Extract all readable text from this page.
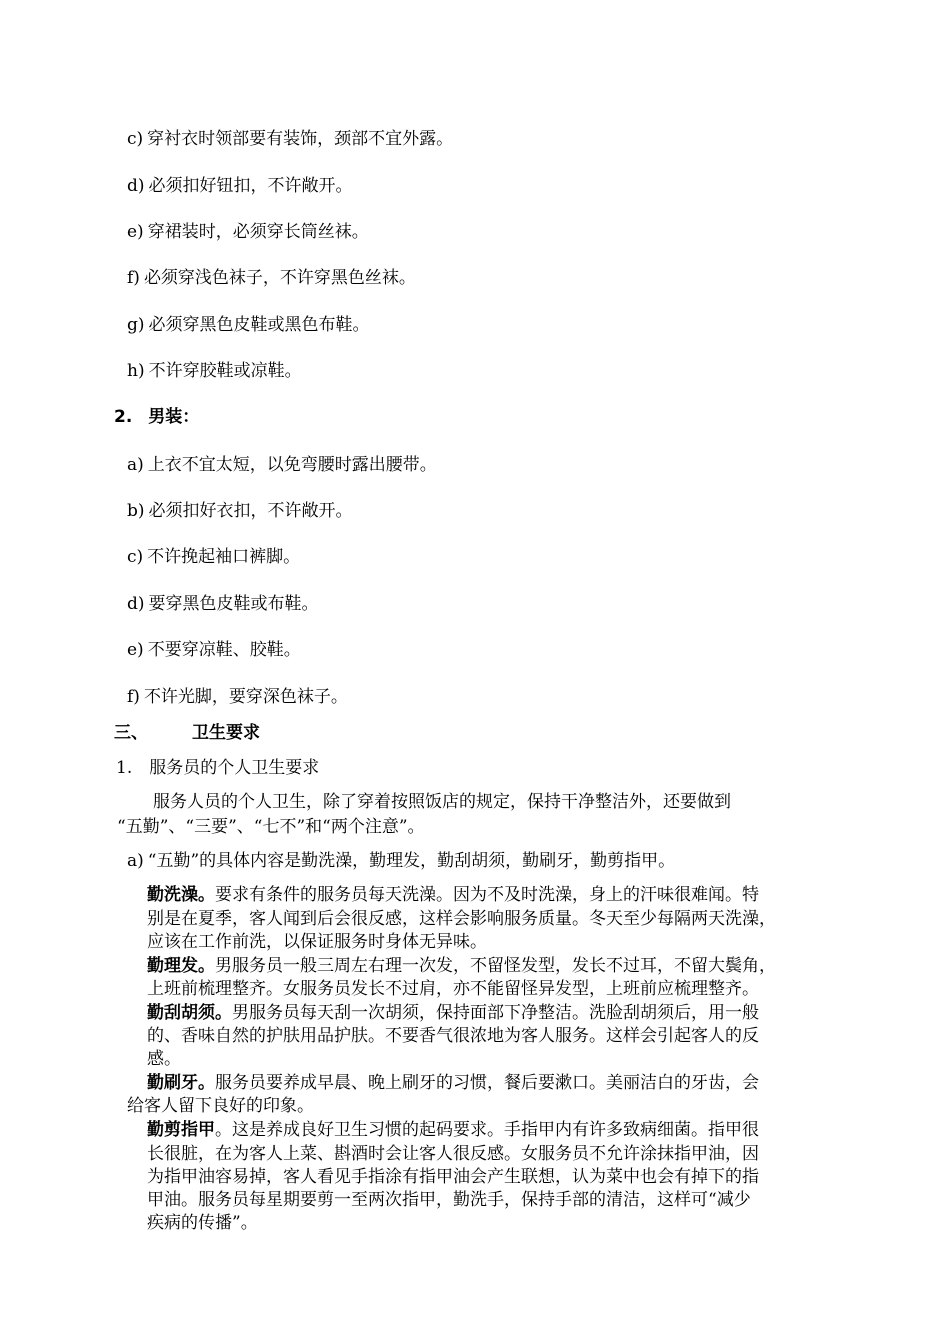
c) 穿衬衣时领部要有装饰，颈部不宜外露。
d) 必须扣好钮扣，不许敞开。
e) 穿裙装时，必须穿长筒丝袜。
f) 必须穿浅色袜子，不许穿黑色丝袜。
g) 必须穿黑色皮鞋或黑色布鞋。
h) 不许穿胶鞋或凉鞋。
2. 男装：
a) 上衣不宜太短，以免弯腰时露出腰带。
b) 必须扣好衣扣，不许敞开。
c) 不许挽起袖口裤脚。
d) 要穿黑色皮鞋或布鞋。
e) 不要穿凉鞋、胶鞋。
f) 不许光脚，要穿深色袜子。
三、	卫生要求
1. 服务员的个人卫生要求
服务人员的个人卫生，除了穿着按照饭店的规定，保持干净整洁外，还要做到
“五勤”、“三要”、“七不”和“两个注意”。
a) “五勤”的具体内容是勤洗澡，勤理发，勤刮胡须，勤刷牙，勤剪指甲。
勤洗澡。要求有条件的服务员每天洗澡。因为不及时洗澡，身上的汗味很难闻。特
别是在夏季，客人闻到后会很反感，这样会影响服务质量。冬天至少每隔两天洗澡，
应该在工作前洗，以保证服务时身体无异味。
勤理发。男服务员一般三周左右理一次发，不留怪发型，发长不过耳，不留大鬓角，
上班前梳理整齐。女服务员发长不过肩，亦不能留怪异发型，上班前应梳理整齐。
勤刮胡须。男服务员每天刮一次胡须，保持面部下净整洁。洗脸刮胡须后，用一般
的、香味自然的护肤用品护肤。不要香气很浓地为客人服务。这样会引起客人的反
感。
勤刷牙。服务员要养成早晨、晚上刷牙的习惯，餐后要漱口。美丽洁白的牙齿，会
给客人留下良好的印象。
勤剪指甲。这是养成良好卫生习惯的起码要求。手指甲内有许多致病细菌。指甲很
长很脏，在为客人上菜、斟酒时会让客人很反感。女服务员不允许涂抹指甲油，因
为指甲油容易掉，客人看见手指涂有指甲油会产生联想，认为菜中也会有掉下的指
甲油。服务员每星期要剪一至两次指甲，勤洗手，保持手部的清洁，这样可“减少
疾病的传播”。
